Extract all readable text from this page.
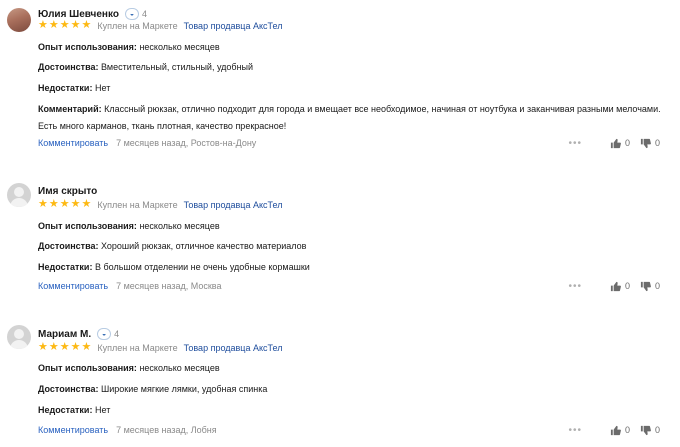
Юлия Шевченко	◒ 4
★ ★ ★ ★ ★ Куплен на Маркете Товар продавца АксТел
Опыт использования: несколько месяцев
Достоинства: Вместительный, стильный, удобный
Недостатки: Нет
Комментарий: Классный рюкзак, отлично подходит для города и вмещает все необходимое, начиная от ноутбука и заканчивая разными мелочами. Есть много карманов, ткань плотная, качество прекрасное!
Комментировать 7 месяцев назад, Ростов-на-Дону	•••	0	0
Имя скрыто
★ ★ ★ ★ ★ Куплен на Маркете Товар продавца АксТел
Опыт использования: несколько месяцев
Достоинства: Хороший рюкзак, отличное качество материалов
Недостатки: В большом отделении не очень удобные кормашки
Комментировать 7 месяцев назад, Москва	•••	0	0
Мариам М.	◒ 4
★ ★ ★ ★ ★ Куплен на Маркете Товар продавца АксТел
Опыт использования: несколько месяцев
Достоинства: Широкие мягкие лямки, удобная спинка
Недостатки: Нет
Комментировать 7 месяцев назад, Лобня	•••	0	0
